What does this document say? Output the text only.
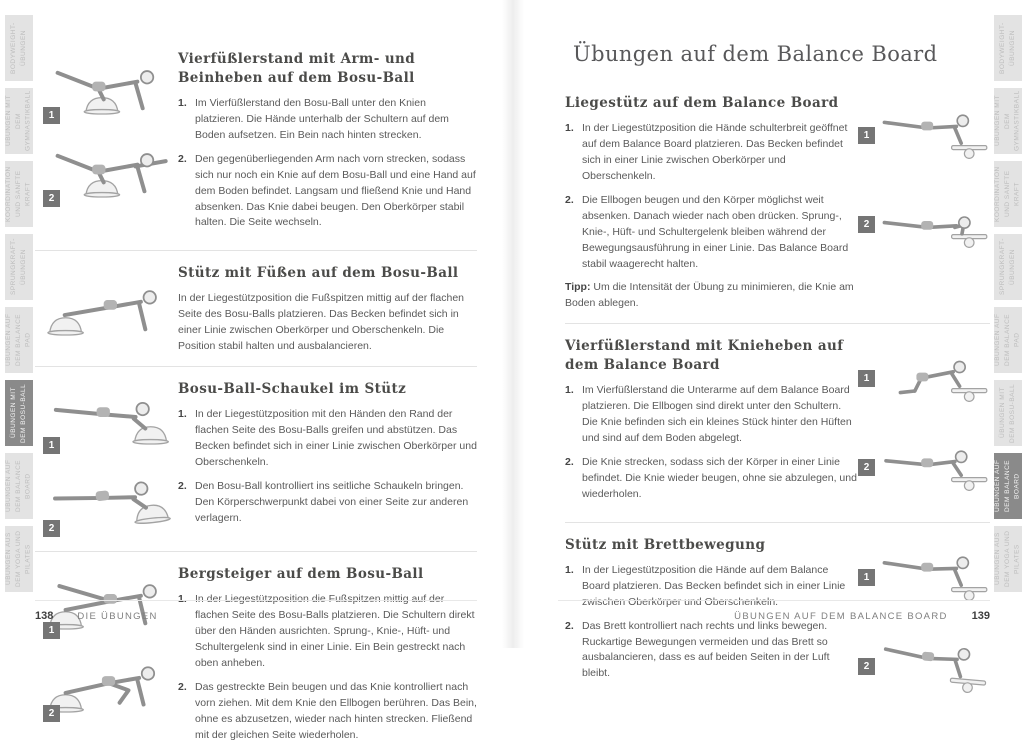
BODYWEIGHT-ÜBUNGEN
ÜBUNGEN MIT DEM GYMNASTIKBALL
KOORDINATION UND SANFTE KRAFT
SPRUNGKRAFT-ÜBUNGEN
ÜBUNGEN AUF DEM BALANCE PAD
ÜBUNGEN MIT DEM BOSU-BALL
ÜBUNGEN AUF DEM BALANCE BOARD
ÜBUNGEN AUS DEM YOGA UND PILATES
BODYWEIGHT-ÜBUNGEN
ÜBUNGEN MIT DEM GYMNASTIKBALL
KOORDINATION UND SANFTE KRAFT
SPRUNGKRAFT-ÜBUNGEN
ÜBUNGEN AUF DEM BALANCE PAD
ÜBUNGEN MIT DEM BOSU-BALL
ÜBUNGEN AUF DEM BALANCE BOARD
ÜBUNGEN AUS DEM YOGA UND PILATES
1
2
Vierfüßlerstand mit Arm- und Beinheben auf dem Bosu-Ball
Im Vierfüßlerstand den Bosu-Ball unter den Knien platzieren. Die Hände unterhalb der Schultern auf dem Boden aufsetzen. Ein Bein nach hinten strecken.
Den gegenüberliegenden Arm nach vorn strecken, sodass sich nur noch ein Knie auf dem Bosu-Ball und eine Hand auf dem Boden befindet. Langsam und fließend Knie und Hand absenken. Das Knie dabei beugen. Den Oberkörper stabil halten. Die Seite wechseln.
Stütz mit Füßen auf dem Bosu-Ball

In der Liegestützposition die Fußspitzen mittig auf der flachen Seite des Bosu-Balls platzieren. Das Becken befindet sich in einer Linie zwischen Oberkörper und Oberschenkeln. Die Position stabil halten und ausbalancieren.

1
2
Bosu-Ball-Schaukel im Stütz
In der Liegestützposition mit den Händen den Rand der flachen Seite des Bosu-Balls greifen und abstützen. Das Becken befindet sich in einer Linie zwischen Oberkörper und Oberschenkeln.
Den Bosu-Ball kontrolliert ins seitliche Schaukeln bringen. Den Körperschwerpunkt dabei von einer Seite zur anderen verlagern.
1
2
Bergsteiger auf dem Bosu-Ball
In der Liegestützposition die Fußspitzen mittig auf der flachen Seite des Bosu-Balls platzieren. Die Schultern direkt über den Händen ausrichten. Sprung-, Knie-, Hüft- und Schultergelenk sind in einer Linie. Ein Bein gestreckt nach oben anheben.
Das gestreckte Bein beugen und das Knie kontrolliert nach vorn ziehen. Mit dem Knie den Ellbogen berühren. Das Bein, ohne es abzusetzen, wieder nach hinten strecken. Fließend mit der gleichen Seite wiederholen.
Übungen auf dem Balance Board
Liegestütz auf dem Balance Board
In der Liegestützposition die Hände schulterbreit geöffnet auf dem Balance Board platzieren. Das Becken befindet sich in einer Linie zwischen Oberkörper und Oberschenkeln.
Die Ellbogen beugen und den Körper möglichst weit absenken. Danach wieder nach oben drücken. Sprung-, Knie-, Hüft- und Schultergelenk bleiben während der Bewegungsausführung in einer Linie. Das Balance Board stabil waagerecht halten.

Tipp: Um die Intensität der Übung zu minimieren, die Knie am Boden ablegen.

1
2
Vierfüßlerstand mit Knieheben auf dem Balance Board
Im Vierfüßlerstand die Unterarme auf dem Balance Board platzieren. Die Ellbogen sind direkt unter den Schultern. Die Knie befinden sich ein kleines Stück hinter den Hüften und sind auf dem Boden abgelegt.
Die Knie strecken, sodass sich der Körper in einer Linie befindet. Die Knie wieder beugen, ohne sie abzulegen, und wiederholen.
1
2
Stütz mit Brettbewegung
In der Liegestützposition die Hände auf dem Balance Board platzieren. Das Becken befindet sich in einer Linie zwischen Oberkörper und Oberschenkeln.
Das Brett kontrolliert nach rechts und links bewegen. Ruckartige Bewegungen vermeiden und das Brett so ausbalancieren, dass es auf beiden Seiten in der Luft bleibt.
1
2
138	DIE ÜBUNGEN	ÜBUNGEN AUF DEM BALANCE BOARD 139
